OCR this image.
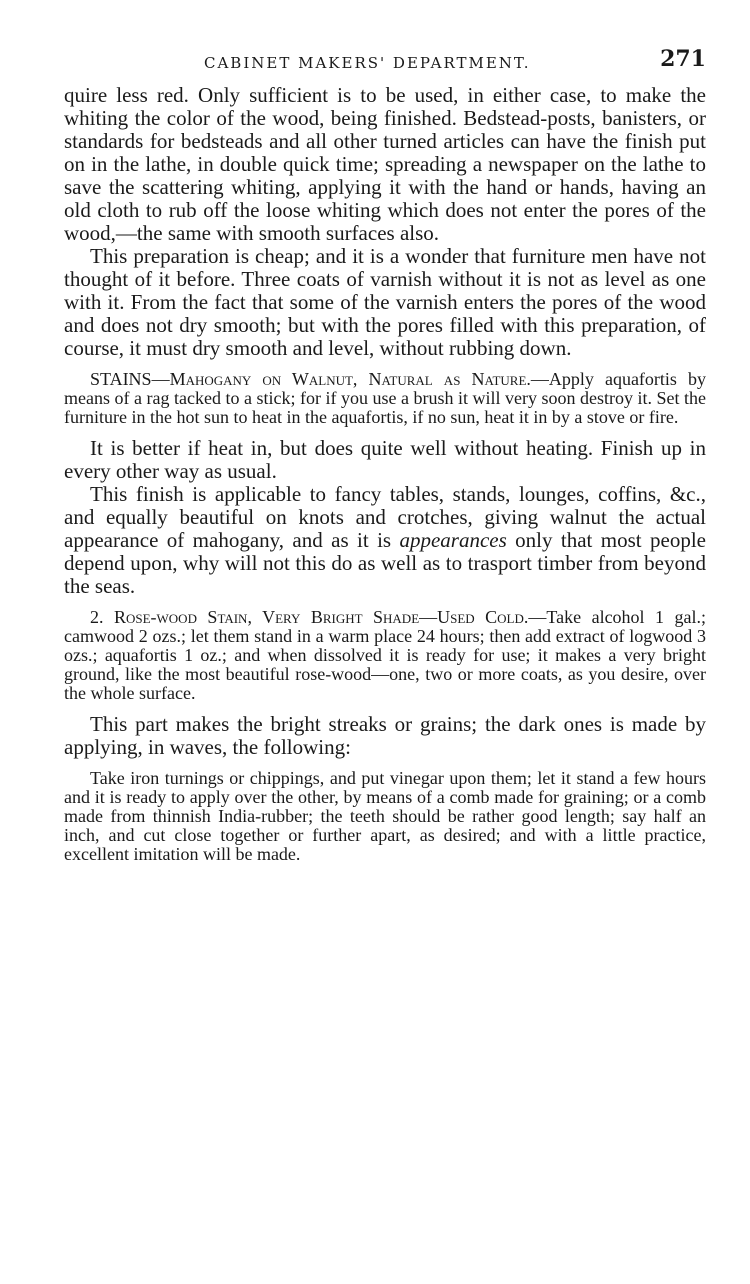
CABINET MAKERS' DEPARTMENT.	271

quire less red. Only sufficient is to be used, in either case, to make the whiting the color of the wood, being finished. Bedstead-posts, banisters, or standards for bedsteads and all other turned articles can have the finish put on in the lathe, in double quick time; spreading a newspaper on the lathe to save the scattering whiting, applying it with the hand or hands, having an old cloth to rub off the loose whiting which does not enter the pores of the wood,—the same with smooth surfaces also.

This preparation is cheap; and it is a wonder that furniture men have not thought of it before. Three coats of varnish without it is not as level as one with it. From the fact that some of the varnish enters the pores of the wood and does not dry smooth; but with the pores filled with this preparation, of course, it must dry smooth and level, without rubbing down.

STAINS—Mahogany on Walnut, Natural as Nature.—Apply aquafortis by means of a rag tacked to a stick; for if you use a brush it will very soon destroy it. Set the furniture in the hot sun to heat in the aquafortis, if no sun, heat it in by a stove or fire.

It is better if heat in, but does quite well without heating. Finish up in every other way as usual.

This finish is applicable to fancy tables, stands, lounges, coffins, &c., and equally beautiful on knots and crotches, giving walnut the actual appearance of mahogany, and as it is appearances only that most people depend upon, why will not this do as well as to trasport timber from beyond the seas.

2. Rose-wood Stain, Very Bright Shade—Used Cold.—Take alcohol 1 gal.; camwood 2 ozs.; let them stand in a warm place 24 hours; then add extract of logwood 3 ozs.; aquafortis 1 oz.; and when dissolved it is ready for use; it makes a very bright ground, like the most beautiful rose-wood—one, two or more coats, as you desire, over the whole surface.

This part makes the bright streaks or grains; the dark ones is made by applying, in waves, the following:

Take iron turnings or chippings, and put vinegar upon them; let it stand a few hours and it is ready to apply over the other, by means of a comb made for graining; or a comb made from thinnish India-rubber; the teeth should be rather good length; say half an inch, and cut close together or further apart, as desired; and with a little practice, excellent imitation will be made.
